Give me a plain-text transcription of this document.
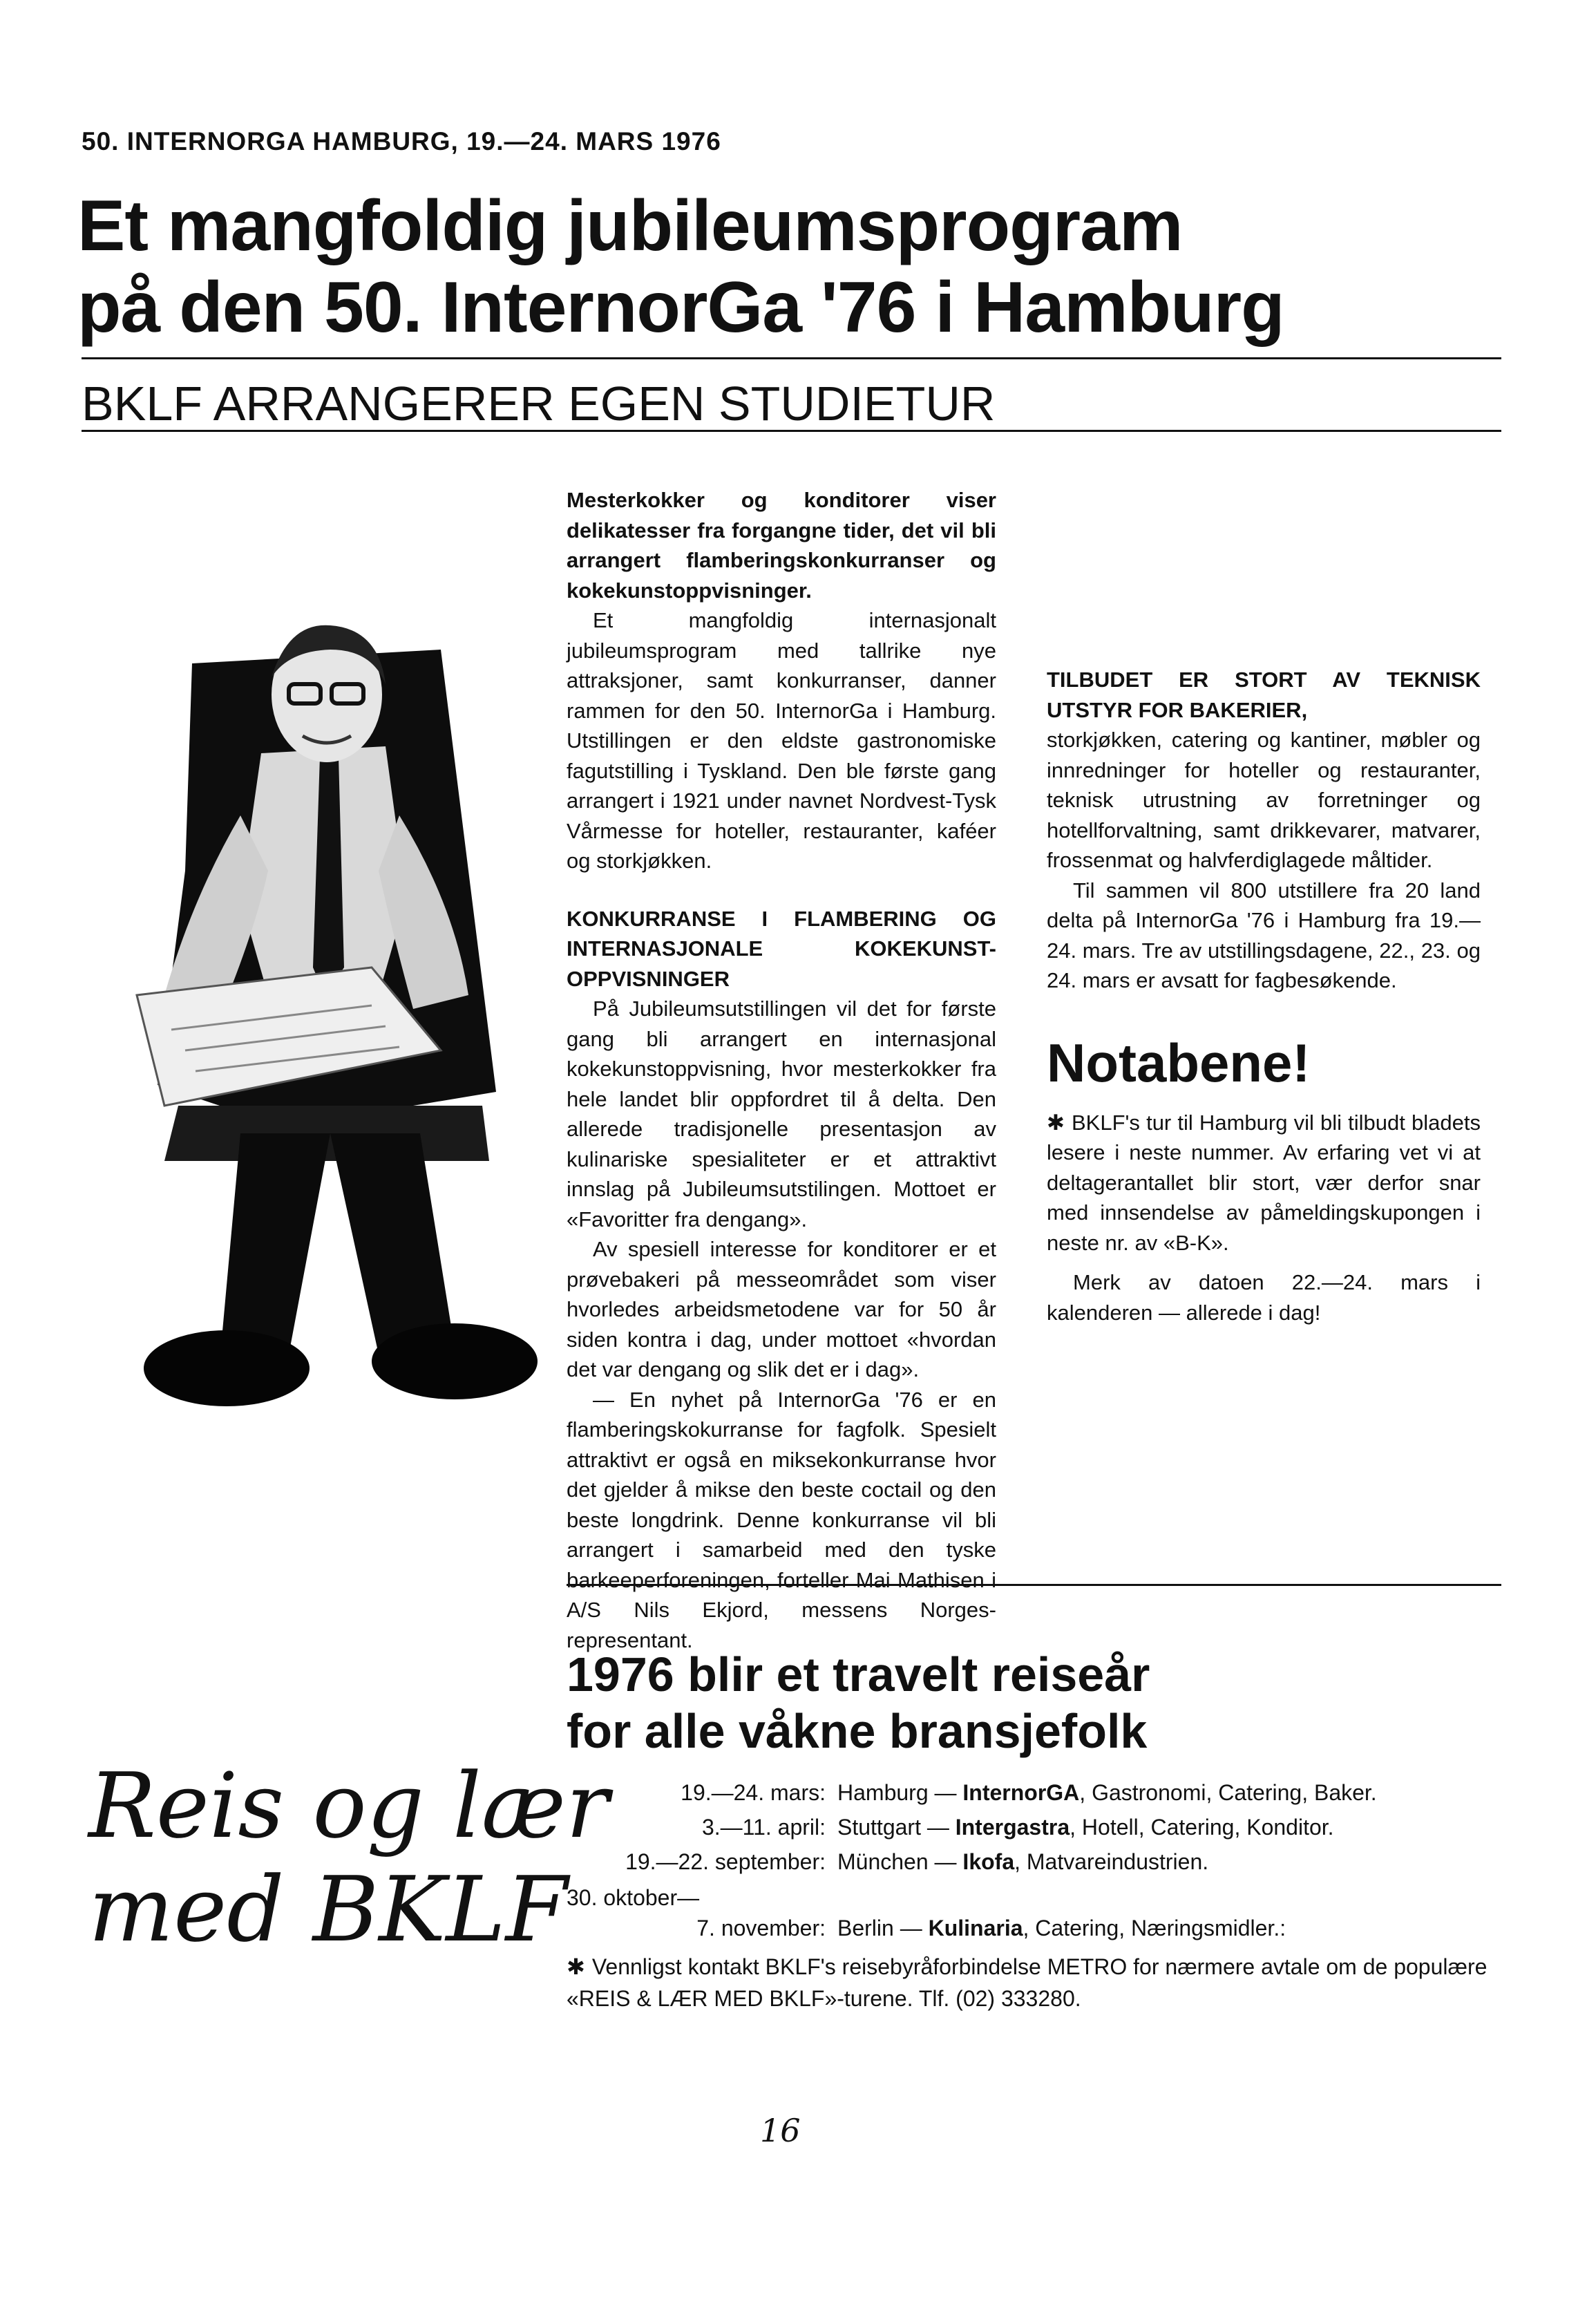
50. INTERNORGA HAMBURG, 19.—24. MARS 1976
Et mangfoldig jubileumsprogram
på den 50. InternorGa '76 i Hamburg
BKLF ARRANGERER EGEN STUDIETUR

Mesterkokker og konditorer viser delikatesser fra forgangne tider, det vil bli arrangert flamberingskonkurranser og kokekunstoppvisninger.

Et mangfoldig internasjonalt jubileumsprogram med tallrike nye attraksjoner, samt konkurranser, danner rammen for den 50. InternorGa i Hamburg. Utstillingen er den eldste gastronomiske fagutstilling i Tyskland. Den ble første gang arrangert i 1921 under navnet Nordvest-Tysk Vårmesse for hoteller, restauranter, kaféer og storkjøkken.

KONKURRANSE I FLAMBERING OG INTERNASJONALE KOKEKUNST-OPPVISNINGER

På Jubileumsutstillingen vil det for første gang bli arrangert en internasjonal kokekunstoppvisning, hvor mesterkokker fra hele landet blir oppfordret til å delta. Den allerede tradisjonelle presentasjon av kulinariske spesialiteter er et attraktivt innslag på Jubileumsutstilingen. Mottoet er «Favoritter fra dengang».

Av spesiell interesse for konditorer er et prøvebakeri på messeområdet som viser hvorledes arbeidsmetodene var for 50 år siden kontra i dag, under mottoet «hvordan det var dengang og slik det er i dag».

— En nyhet på InternorGa '76 er en flamberingskokurranse for fagfolk. Spesielt attraktivt er også en miksekonkurranse hvor det gjelder å mikse den beste coctail og den beste longdrink. Denne konkurranse vil bli arrangert i samarbeid med den tyske barkeeperforeningen, forteller Mai Mathisen i A/S Nils Ekjord, messens Norges-representant.

TILBUDET ER STORT AV TEKNISK UTSTYR FOR BAKERIER,

storkjøkken, catering og kantiner, møbler og innredninger for hoteller og restauranter, teknisk utrustning av forretninger og hotellforvaltning, samt drikkevarer, matvarer, frossenmat og halvferdiglagede måltider.

Til sammen vil 800 utstillere fra 20 land delta på InternorGa '76 i Hamburg fra 19.—24. mars. Tre av utstillingsdagene, 22., 23. og 24. mars er avsatt for fagbesøkende.

Notabene!

✱ BKLF's tur til Hamburg vil bli tilbudt bladets lesere i neste nummer. Av erfaring vet vi at deltagerantallet blir stort, vær derfor snar med innsendelse av påmeldingskupongen i neste nr. av «B-K».

Merk av datoen 22.—24. mars i kalenderen — allerede i dag!

Reis og lær
med BKLF
1976 blir et travelt reiseår
for alle våkne bransjefolk
19.—24. mars: Hamburg — InternorGA, Gastronomi, Catering, Baker.
3.—11. april: Stuttgart — Intergastra, Hotell, Catering, Konditor.
19.—22. september: München — Ikofa, Matvareindustrien.
30. oktober—
7. november: Berlin — Kulinaria, Catering, Næringsmidler.:
✱ Vennligst kontakt BKLF's reisebyråforbindelse METRO for nærmere avtale om de populære «REIS & LÆR MED BKLF»-turene. Tlf. (02) 333280.
16
